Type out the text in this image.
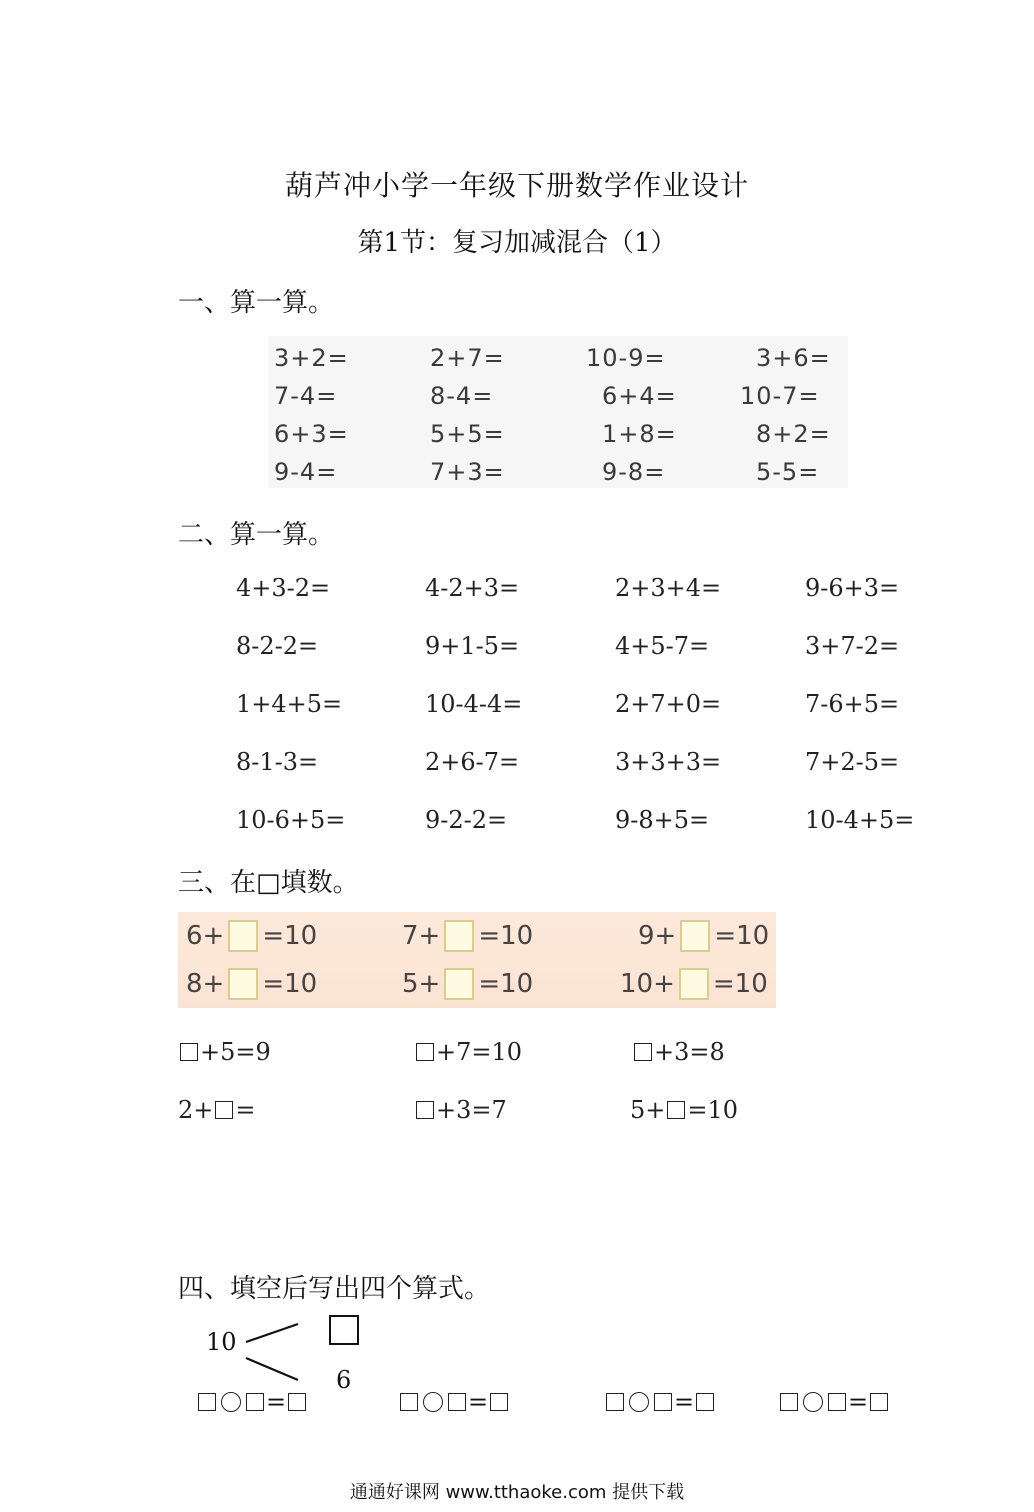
葫芦冲小学一年级下册数学作业设计
第1节：复习加减混合（1）
一、算一算。
3+2=	2+7=	10-9=	3+6=
7-4=	8-4=	6+4=	10-7=
6+3=	5+5=	1+8=	8+2=
9-4=	7+3=	9-8=	5-5=
二、算一算。
4+3-2=	4-2+3=	2+3+4=	9-6+3=
8-2-2=	9+1-5=	4+5-7=	3+7-2=
1+4+5=	10-4-4=	2+7+0=	7-6+5=
8-1-3=	2+6-7=	3+3+3=	7+2-5=
10-6+5=	9-2-2=	9-8+5=	10-4+5=
三、在□填数。
6+ =10	7+ =10	9+ =10
8+ =10	5+ =10	10+ =10
+5=9	+7=10	+3=8
2+ =	+3=7	5+ =10
四、填空后写出四个算式。
10
6
=	=	=	=
通通好课网 www.tthaoke.com 提供下载
